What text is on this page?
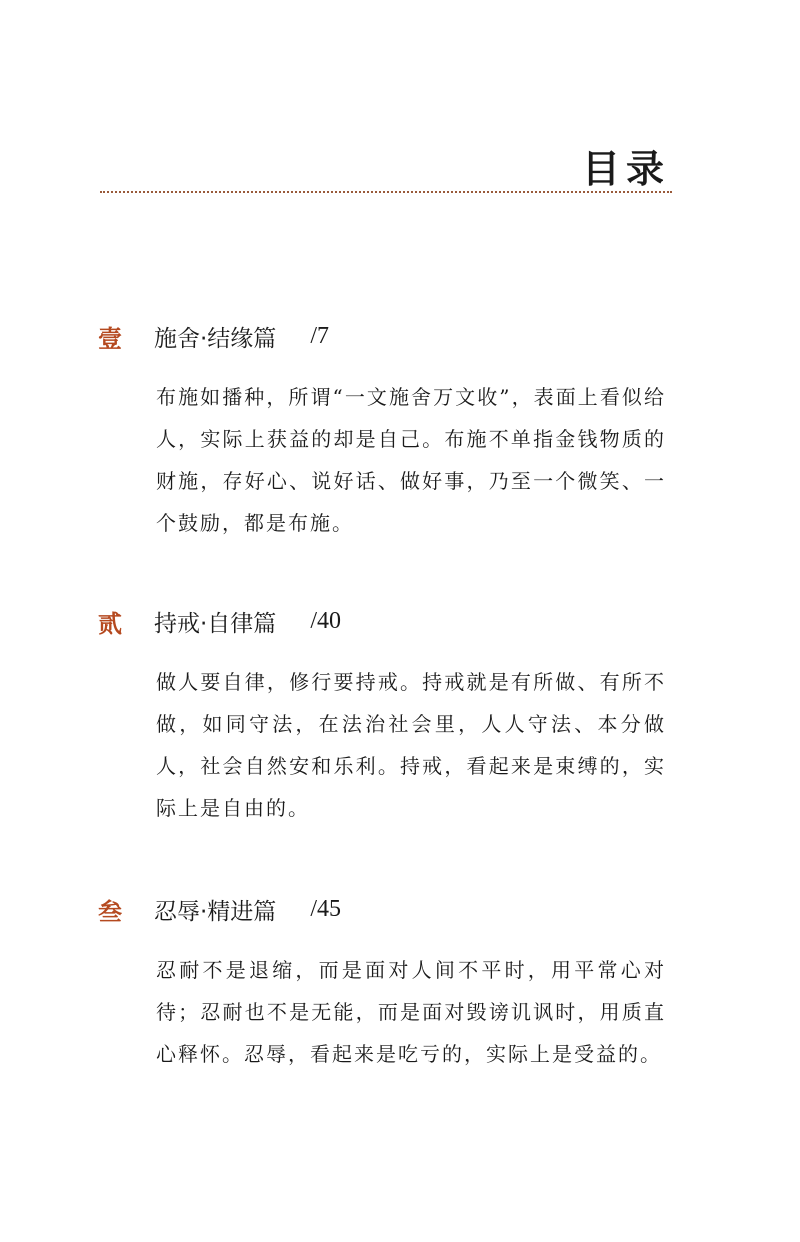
目录
壹	施舍·结缘篇 /7
布施如播种，所谓“一文施舍万文收”，表面上看似给人，实际上获益的却是自己。布施不单指金钱物质的财施，存好心、说好话、做好事，乃至一个微笑、一个鼓励，都是布施。
贰	持戒·自律篇 /40
做人要自律，修行要持戒。持戒就是有所做、有所不做，如同守法，在法治社会里，人人守法、本分做人，社会自然安和乐利。持戒，看起来是束缚的，实际上是自由的。
叁	忍辱·精进篇 /45
忍耐不是退缩，而是面对人间不平时，用平常心对待；忍耐也不是无能，而是面对毁谤讥讽时，用质直心释怀。忍辱，看起来是吃亏的，实际上是受益的。
